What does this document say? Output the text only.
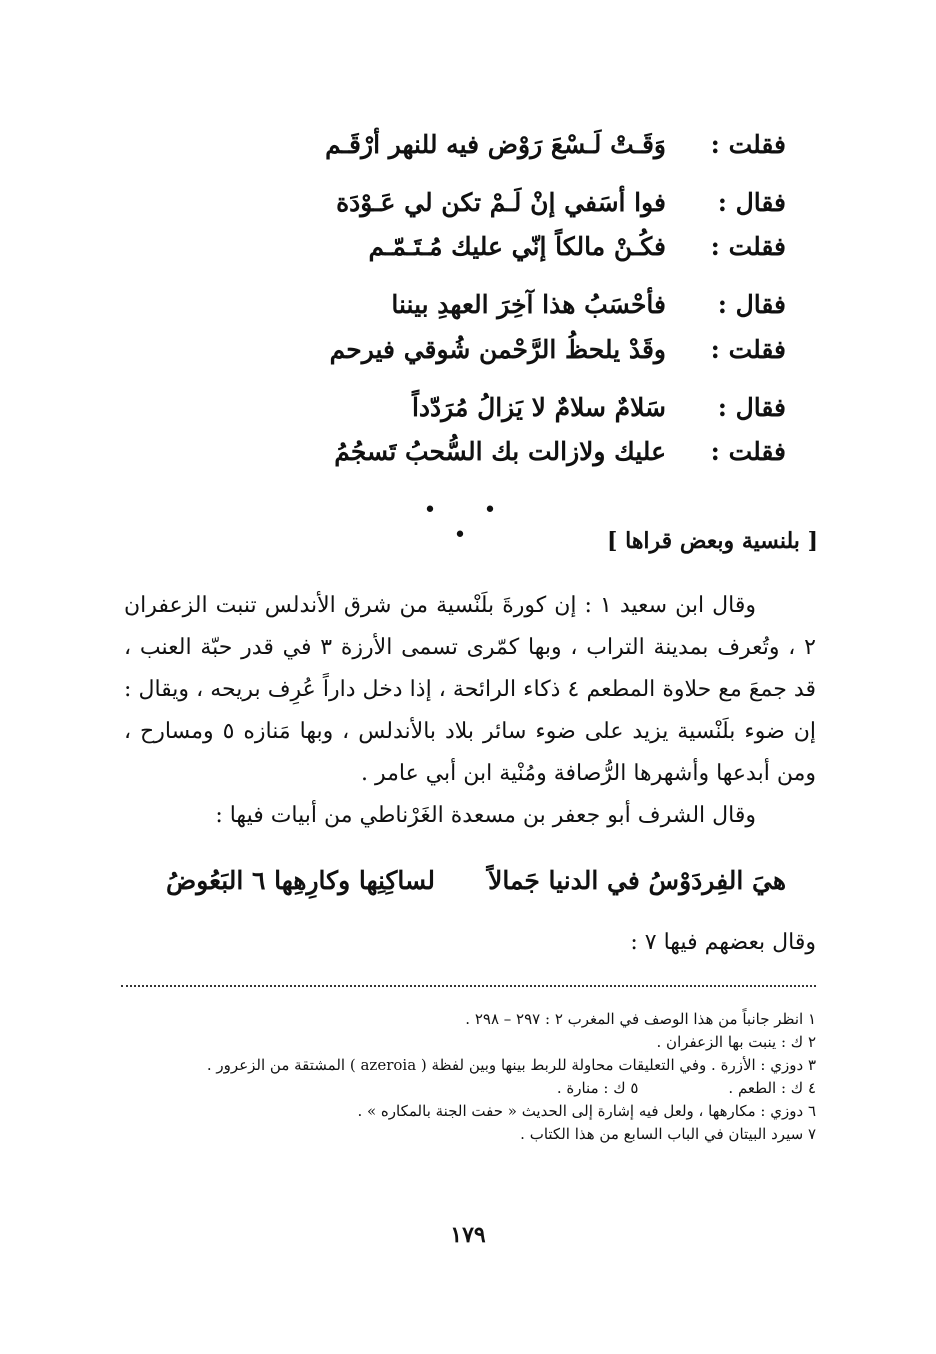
فقلت :
وَقَـتْ لَـسْعَ رَوْض فيه للنهر أرْقَـم
فقال :
فوا أسَفي إنْ لَـمْ تكن لي عَـوْدَة
فقلت :
فكُـنْ مالكاً إنّي عليك مُـتَـمّـم
فقال :
فأحْسَبُ هذا آخِرَ العهدِ بيننا
فقلت :
وقَدْ يلحظُ الرَّحْمن شُوقي فيرحم
فقال :
سَلامٌ سلامٌ لا يَزالُ مُرَدّداً
فقلت :
عليك ولازالت بك السُّحبُ تَسجُمُ
• • •	[ بلنسية وبعض قراها ]

وقال ابن سعيد ١ : إن كورةَ بلَنْسية من شرق الأندلس تنبت الزعفران ٢ ، وتُعرف بمدينة التراب ، وبها كمّرى تسمى الأرزة ٣ في قدر حبّة العنب ، قد جمعَ مع حلاوة المطعم ٤ ذكاء الرائحة ، إذا دخل داراً عُرِف بريحه ، ويقال : إن ضوء بلَنْسية يزيد على ضوء سائر بلاد بالأندلس ، وبها مَنازه ٥ ومسارح ، ومن أبدعها وأشهرها الرُّصافة ومُنْية ابن أبي عامر .

وقال الشرف أبو جعفر بن مسعدة الغَرْناطي من أبيات فيها :

هيَ الفِردَوْسُ في الدنيا جَمالاً
لساكِنِها وكارِهِها ٦ البَعُوضُ
وقال بعضهم فيها ٧ :
١ انظر جانباً من هذا الوصف في المغرب ٢ : ٢٩٧ – ٢٩٨ .
٢ ك : ينبت بها الزعفران .
٣ دوزي : الأزرة . وفي التعليقات محاولة للربط بينها وبين لفظة ( azeroia ) المشتقة من الزعرور .
٤ ك : الطعم .
٥ ك : منارة .
٦ دوزي : مكارهها ، ولعل فيه إشارة إلى الحديث « حفت الجنة بالمكاره » .
٧ سيرد البيتان في الباب السابع من هذا الكتاب .
١٧٩
